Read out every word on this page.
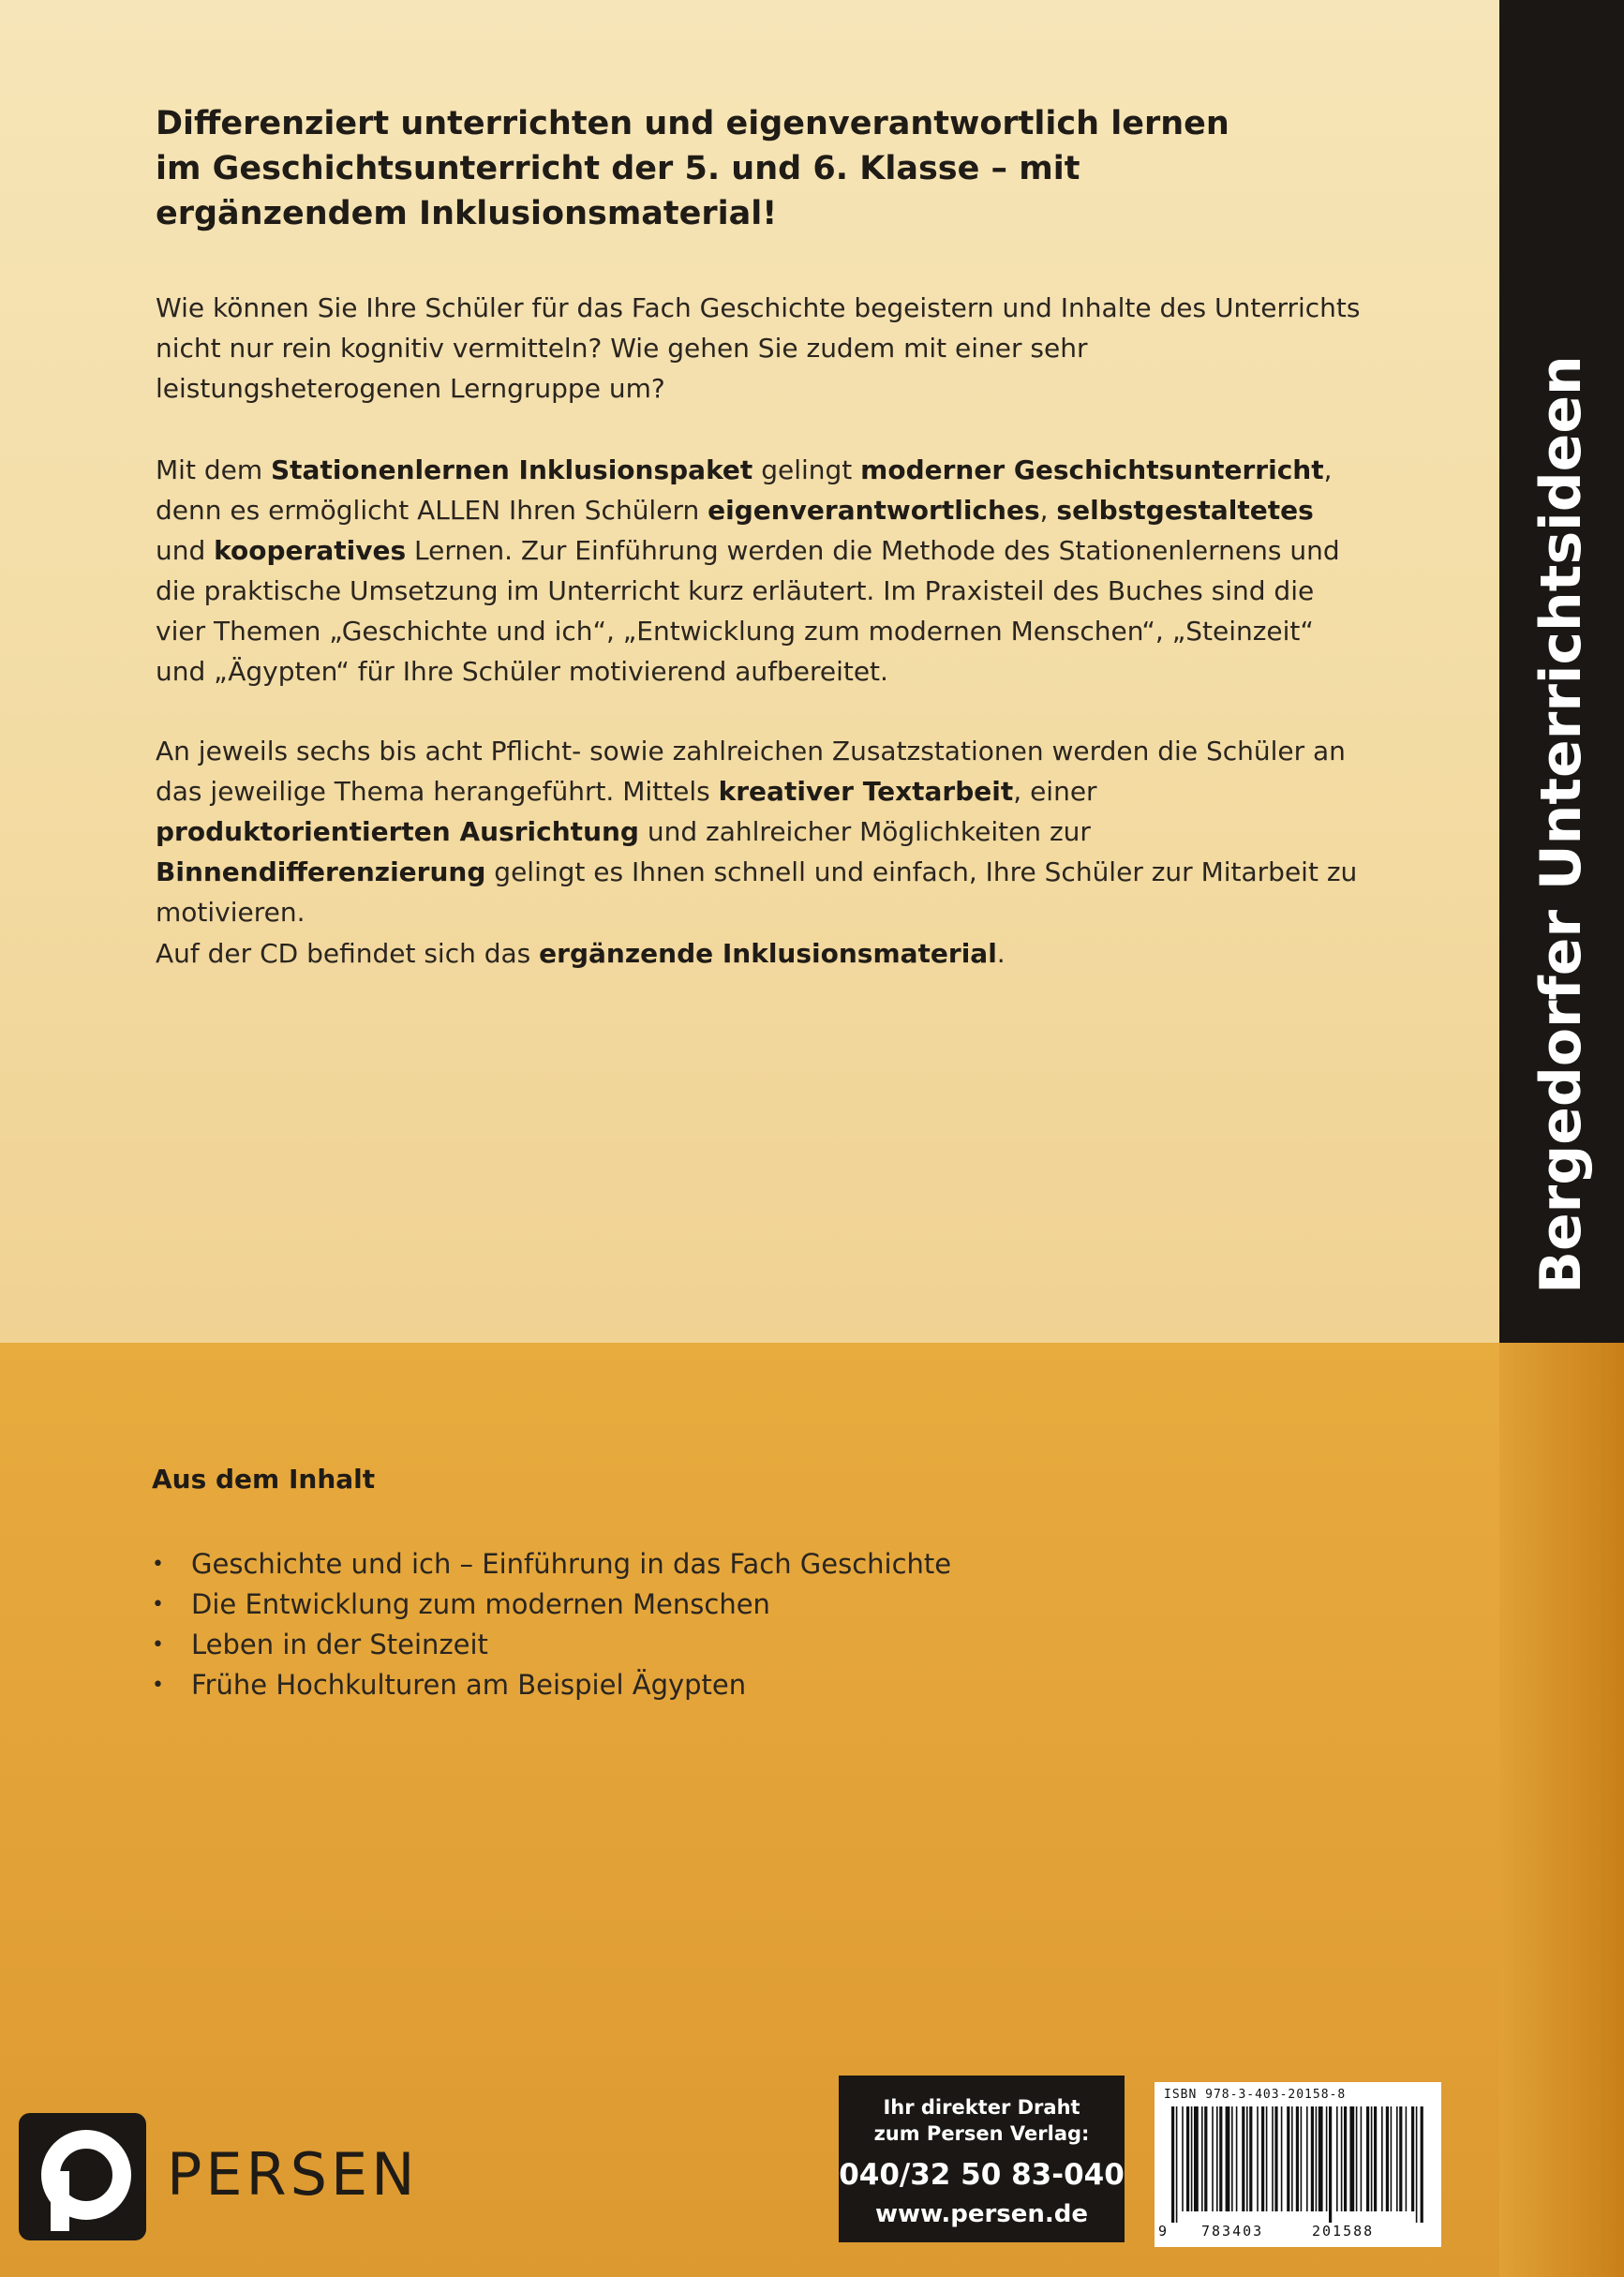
Bergedorfer Unterrichtsideen
Differenziert unterrichten und eigenverantwortlich lernen im Geschichtsunterricht der 5. und 6. Klasse – mit ergänzendem Inklusionsmaterial!

Wie können Sie Ihre Schüler für das Fach Geschichte begeistern und Inhalte des Unterrichts nicht nur rein kognitiv vermitteln? Wie gehen Sie zudem mit einer sehr leistungsheterogenen Lerngruppe um?

Mit dem Stationenlernen Inklusionspaket gelingt moderner Geschichtsunterricht, denn es ermöglicht ALLEN Ihren Schülern eigenverantwortliches, selbstgestaltetes und kooperatives Lernen. Zur Einführung werden die Methode des Stationenlernens und die praktische Umsetzung im Unterricht kurz erläutert. Im Praxisteil des Buches sind die vier Themen „Geschichte und ich“, „Entwicklung zum modernen Menschen“, „Steinzeit“ und „Ägypten“ für Ihre Schüler motivierend aufbereitet.

An jeweils sechs bis acht Pflicht- sowie zahlreichen Zusatzstationen werden die Schüler an das jeweilige Thema herangeführt. Mittels kreativer Textarbeit, einer produktorientierten Ausrichtung und zahlreicher Möglichkeiten zur Binnendifferenzierung gelingt es Ihnen schnell und einfach, Ihre Schüler zur Mitarbeit zu motivieren.

Auf der CD befindet sich das ergänzende Inklusionsmaterial.

Aus dem Inhalt
•	Geschichte und ich – Einführung in das Fach Geschichte
•	Die Entwicklung zum modernen Menschen
•	Leben in der Steinzeit
•	Frühe Hochkulturen am Beispiel Ägypten
PERSEN
Ihr direkter Draht
zum Persen Verlag:
040/32 50 83-040
www.persen.de
ISBN 978-3-403-20158-8
9 783403	201588
